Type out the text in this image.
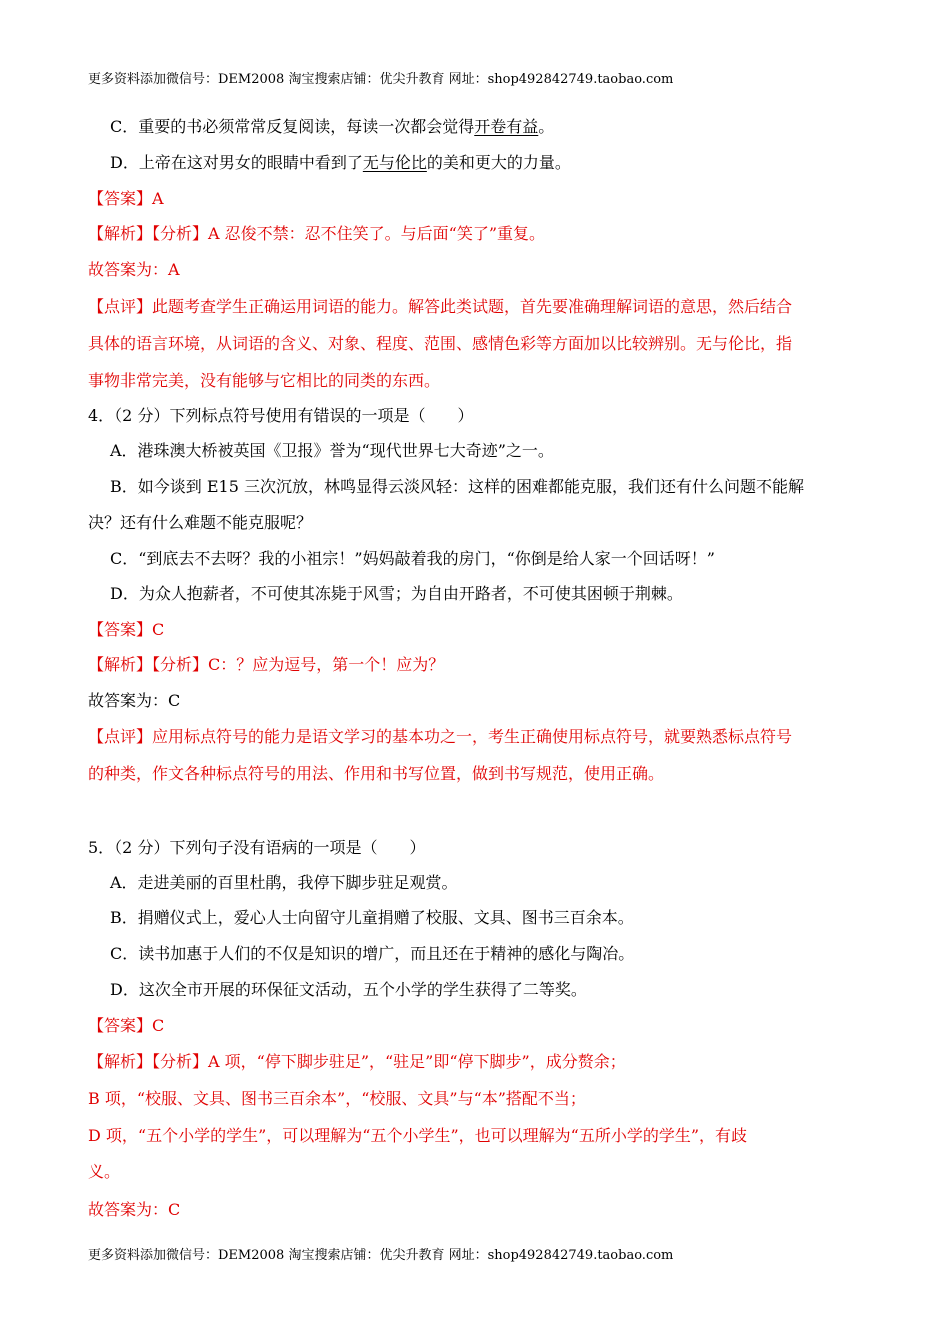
更多资料添加微信号：DEM2008 淘宝搜索店铺：优尖升教育 网址：shop492842749.taobao.com
C．重要的书必须常常反复阅读，每读一次都会觉得开卷有益。
D．上帝在这对男女的眼睛中看到了无与伦比的美和更大的力量。
【答案】A
【解析】【分析】A 忍俊不禁：忍不住笑了。与后面“笑了”重复。
故答案为：A
【点评】此题考查学生正确运用词语的能力。解答此类试题，首先要准确理解词语的意思，然后结合
具体的语言环境，从词语的含义、对象、程度、范围、感情色彩等方面加以比较辨别。无与伦比，指
事物非常完美，没有能够与它相比的同类的东西。
4．（2 分）下列标点符号使用有错误的一项是（　　）
A．港珠澳大桥被英国《卫报》誉为“现代世界七大奇迹”之一。
B．如今谈到 E15 三次沉放，林鸣显得云淡风轻：这样的困难都能克服，我们还有什么问题不能解
决？还有什么难题不能克服呢？
C．“到底去不去呀？我的小祖宗！”妈妈敲着我的房门，“你倒是给人家一个回话呀！”
D．为众人抱薪者，不可使其冻毙于风雪；为自由开路者，不可使其困顿于荆棘。
【答案】C
【解析】【分析】C：？应为逗号，第一个！应为？
故答案为：C
【点评】应用标点符号的能力是语文学习的基本功之一，考生正确使用标点符号，就要熟悉标点符号
的种类，作文各种标点符号的用法、作用和书写位置，做到书写规范，使用正确。
5．（2 分）下列句子没有语病的一项是（　　）
A．走进美丽的百里杜鹃，我停下脚步驻足观赏。
B．捐赠仪式上，爱心人士向留守儿童捐赠了校服、文具、图书三百余本。
C．读书加惠于人们的不仅是知识的增广，而且还在于精神的感化与陶冶。
D．这次全市开展的环保征文活动，五个小学的学生获得了二等奖。
【答案】C
【解析】【分析】A 项，“停下脚步驻足”，“驻足”即“停下脚步”，成分赘余；
B 项，“校服、文具、图书三百余本”，“校服、文具”与“本”搭配不当；
D 项，“五个小学的学生”，可以理解为“五个小学生”，也可以理解为“五所小学的学生”，有歧
义。
故答案为：C
更多资料添加微信号：DEM2008 淘宝搜索店铺：优尖升教育 网址：shop492842749.taobao.com
